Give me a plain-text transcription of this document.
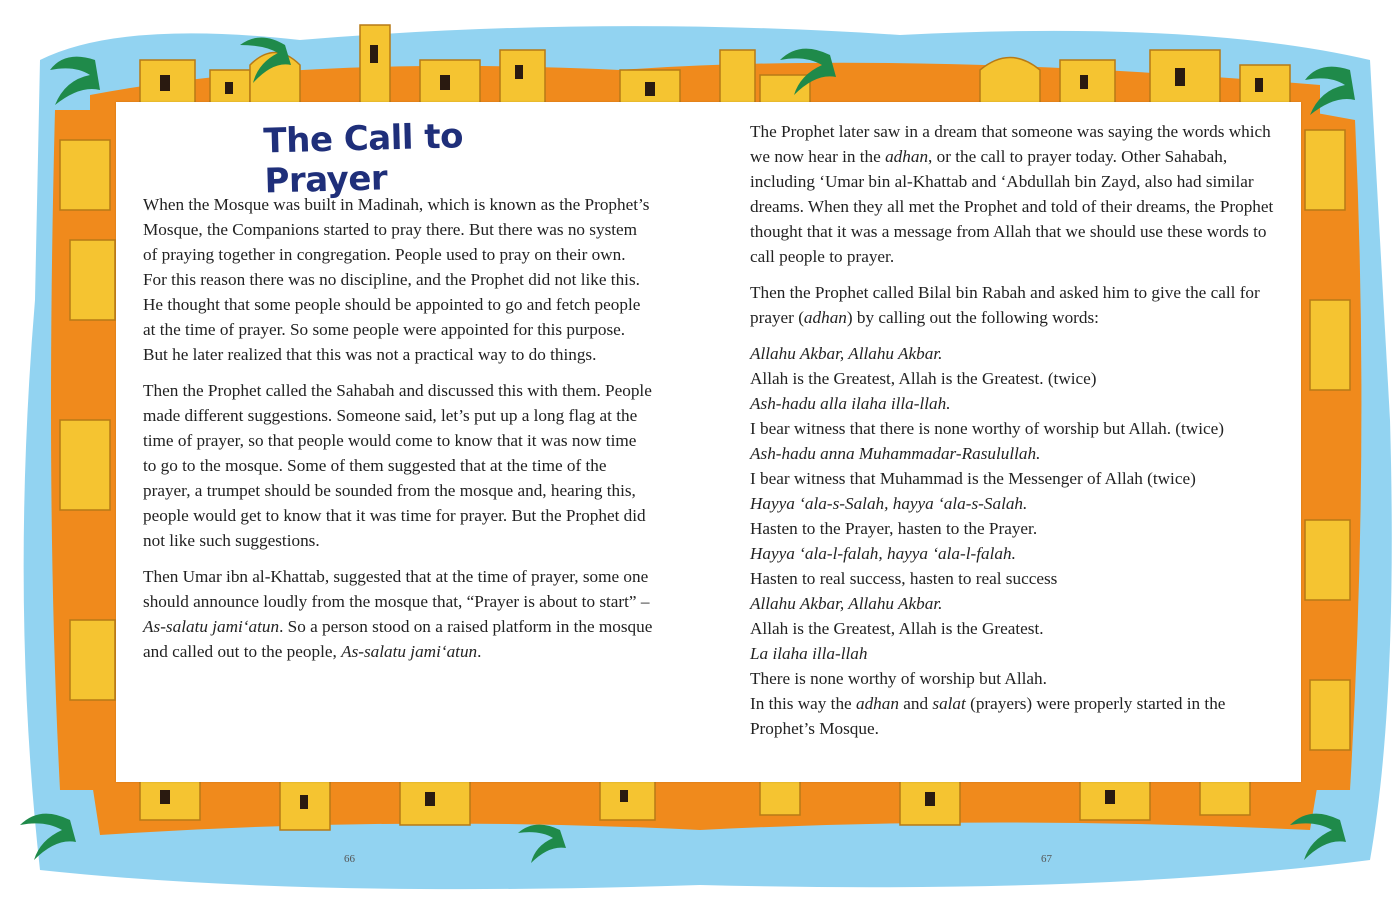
The Call to Prayer

When the Mosque was built in Madinah, which is known as the Prophet’s Mosque, the Companions started to pray there. But there was no system of praying together in congregation. People used to pray on their own. For this reason there was no discipline, and the Prophet did not like this.
He thought that some people should be appointed to go and fetch people at the time of prayer. So some people were appointed for this purpose. But he later realized that this was not a practical way to do things.

Then the Prophet called the Sahabah and discussed this with them. People made different suggestions. Someone said, let’s put up a long flag at the time of prayer, so that people would come to know that it was now time to go to the mosque. Some of them suggested that at the time of the prayer, a trumpet should be sounded from the mosque and, hearing this, people would get to know that it was time for prayer. But the Prophet did not like such suggestions.

Then Umar ibn al-Khattab, suggested that at the time of prayer, some one should announce loudly from the mosque that, “Prayer is about to start” – As-salatu jami‘atun. So a person stood on a raised platform in the mosque and called out to the people, As-salatu jami‘atun.

The Prophet later saw in a dream that someone was saying the words which we now hear in the adhan, or the call to prayer today. Other Sahabah, including ‘Umar bin al-Khattab and ‘Abdullah bin Zayd, also had similar dreams. When they all met the Prophet and told of their dreams, the Prophet thought that it was a message from Allah that we should use these words to call people to prayer.

Then the Prophet called Bilal bin Rabah and asked him to give the call for prayer (adhan) by calling out the following words:

Allahu Akbar, Allahu Akbar.
Allah is the Greatest, Allah is the Greatest. (twice)
Ash-hadu alla ilaha illa-llah.
I bear witness that there is none worthy of worship but Allah. (twice)
Ash-hadu anna Muhammadar-Rasulullah.
I bear witness that Muhammad is the Messenger of Allah (twice)
Hayya ‘ala-s-Salah, hayya ‘ala-s-Salah.
Hasten to the Prayer, hasten to the Prayer.
Hayya ‘ala-l-falah, hayya ‘ala-l-falah.
Hasten to real success, hasten to real success
Allahu Akbar, Allahu Akbar.
Allah is the Greatest, Allah is the Greatest.
La ilaha illa-llah
There is none worthy of worship but Allah.

In this way the adhan and salat (prayers) were properly started in the Prophet’s Mosque.

66	67
